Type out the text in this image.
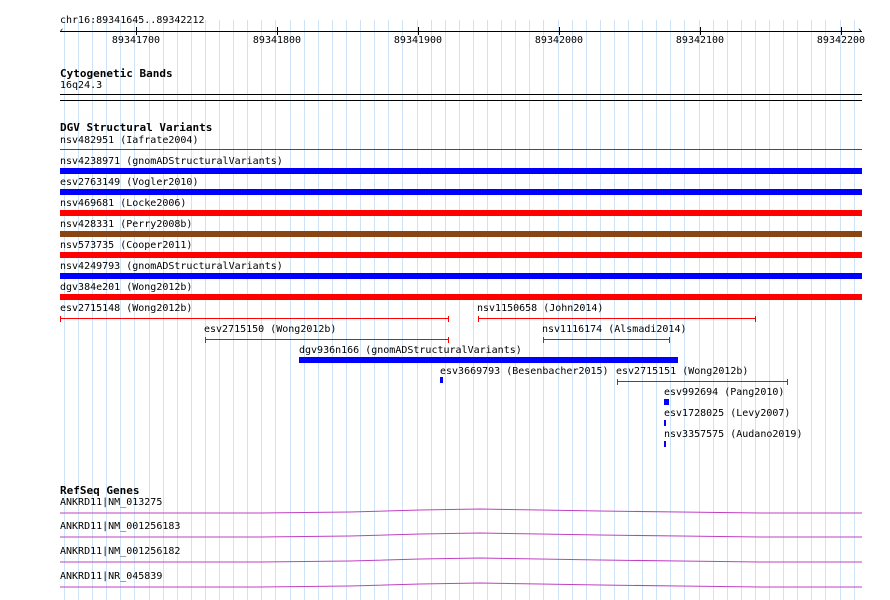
chr16:89341645..89342212
‹	›
89341700	89341800	89341900	89342000	89342100	89342200
Cytogenetic Bands
16q24.3
DGV Structural Variants
nsv482951 (Iafrate2004)
nsv4238971 (gnomADStructuralVariants)
esv2763149 (Vogler2010)
nsv469681 (Locke2006)
nsv428331 (Perry2008b)
nsv573735 (Cooper2011)
nsv4249793 (gnomADStructuralVariants)
dgv384e201 (Wong2012b)
esv2715148 (Wong2012b)	nsv1150658 (John2014)
esv2715150 (Wong2012b)	nsv1116174 (Alsmadi2014)
dgv936n166 (gnomADStructuralVariants)
esv3669793 (Besenbacher2015) esv2715151 (Wong2012b)
esv992694 (Pang2010)
esv1728025 (Levy2007)
nsv3357575 (Audano2019)
RefSeq Genes
ANKRD11|NM_013275
ANKRD11|NM_001256183
ANKRD11|NM_001256182
ANKRD11|NR_045839
